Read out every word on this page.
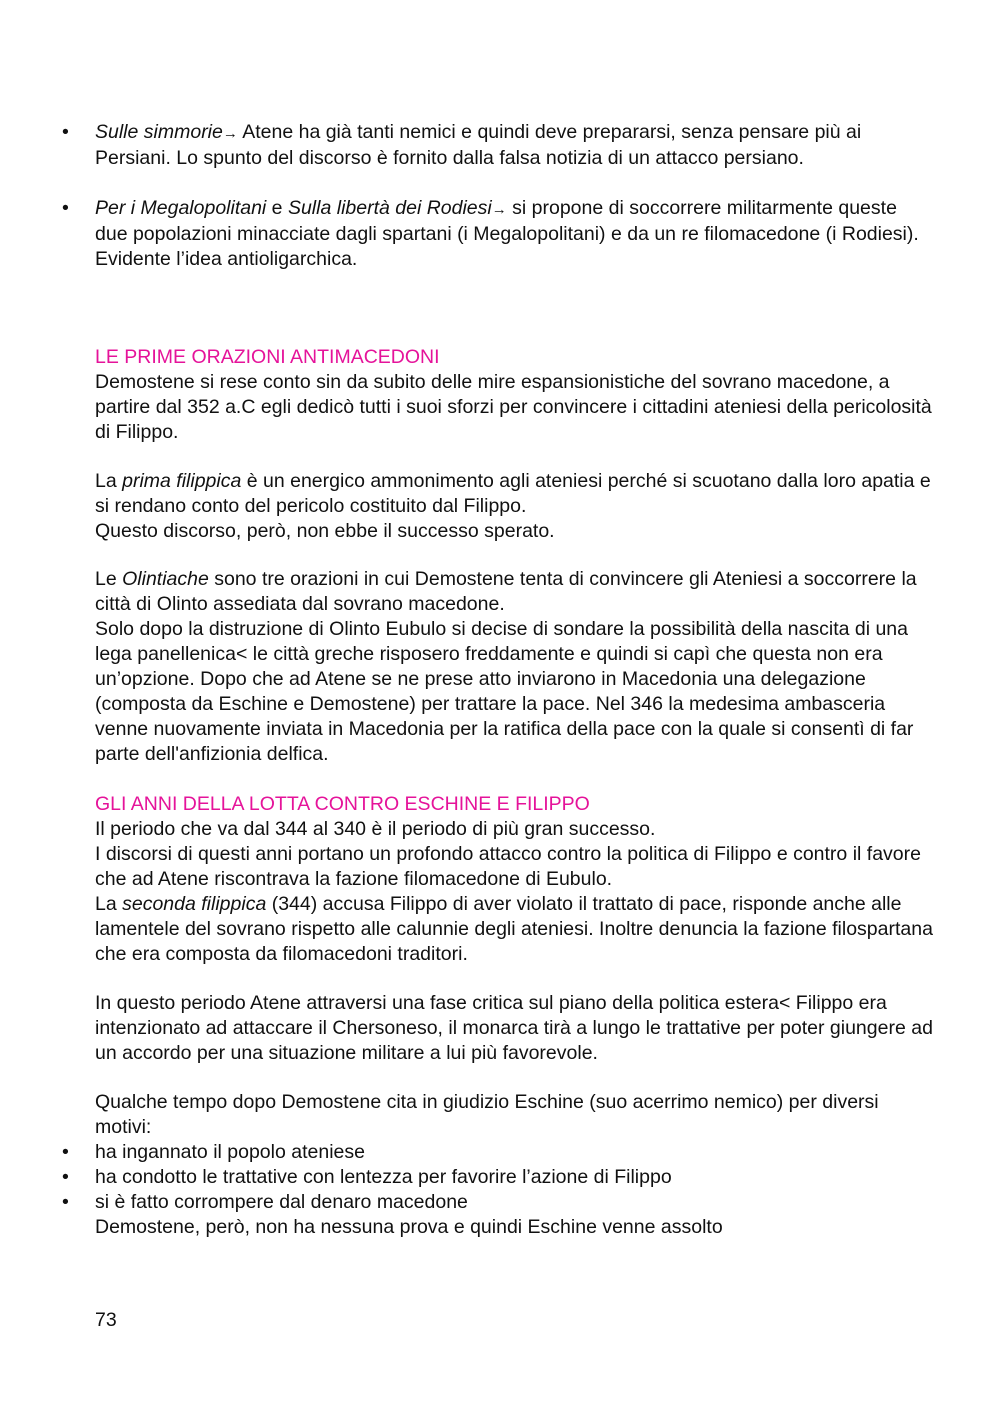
•	Sulle simmorie→ Atene ha già tanti nemici e quindi deve prepararsi, senza pensare più ai Persiani. Lo spunto del discorso è fornito dalla falsa notizia di un attacco persiano.
•	Per i Megalopolitani e Sulla libertà dei Rodiesi→ si propone di soccorrere militarmente queste due popolazioni minacciate dagli spartani (i Megalopolitani) e da un re filomacedone (i Rodiesi). Evidente l’idea antioligarchica.

LE PRIME ORAZIONI ANTIMACEDONI

Demostene si rese conto sin da subito delle mire espansionistiche del sovrano macedone, a partire dal 352 a.C egli dedicò tutti i suoi sforzi per convincere i cittadini ateniesi della pericolosità di Filippo.

La prima filippica è un energico ammonimento agli ateniesi perché si scuotano dalla loro apatia e si rendano conto del pericolo costituito dal Filippo.

Questo discorso, però, non ebbe il successo sperato.

Le Olintiache sono tre orazioni in cui Demostene tenta di convincere gli Ateniesi a soccorrere la città di Olinto assediata dal sovrano macedone.

Solo dopo la distruzione di Olinto Eubulo si decise di sondare la possibilità della nascita di una lega panellenica< le città greche risposero freddamente e quindi si capì che questa non era un’opzione. Dopo che ad Atene se ne prese atto inviarono in Macedonia una delegazione (composta da Eschine e Demostene) per trattare la pace. Nel 346 la medesima ambasceria venne nuovamente inviata in Macedonia per la ratifica della pace con la quale si consentì di far parte dell'anfizionia delfica.

GLI ANNI DELLA LOTTA CONTRO ESCHINE E FILIPPO

Il periodo che va dal 344 al 340 è il periodo di più gran successo.

I discorsi di questi anni portano un profondo attacco contro la politica di Filippo e contro il favore che ad Atene riscontrava la fazione filomacedone di Eubulo.

La seconda filippica (344) accusa Filippo di aver violato il trattato di pace, risponde anche alle lamentele del sovrano rispetto alle calunnie degli ateniesi. Inoltre denuncia la fazione filospartana che era composta da filomacedoni traditori.

In questo periodo Atene attraversi una fase critica sul piano della politica estera< Filippo era intenzionato ad attaccare il Chersoneso, il monarca tirà a lungo le trattative per poter giungere ad un accordo per una situazione militare a lui più favorevole.

Qualche tempo dopo Demostene cita in giudizio Eschine (suo acerrimo nemico) per diversi motivi:

•	ha ingannato il popolo ateniese
•	ha condotto le trattative con lentezza per favorire l’azione di Filippo
•	si è fatto corrompere dal denaro macedone

Demostene, però, non ha nessuna prova e quindi Eschine venne assolto

73
